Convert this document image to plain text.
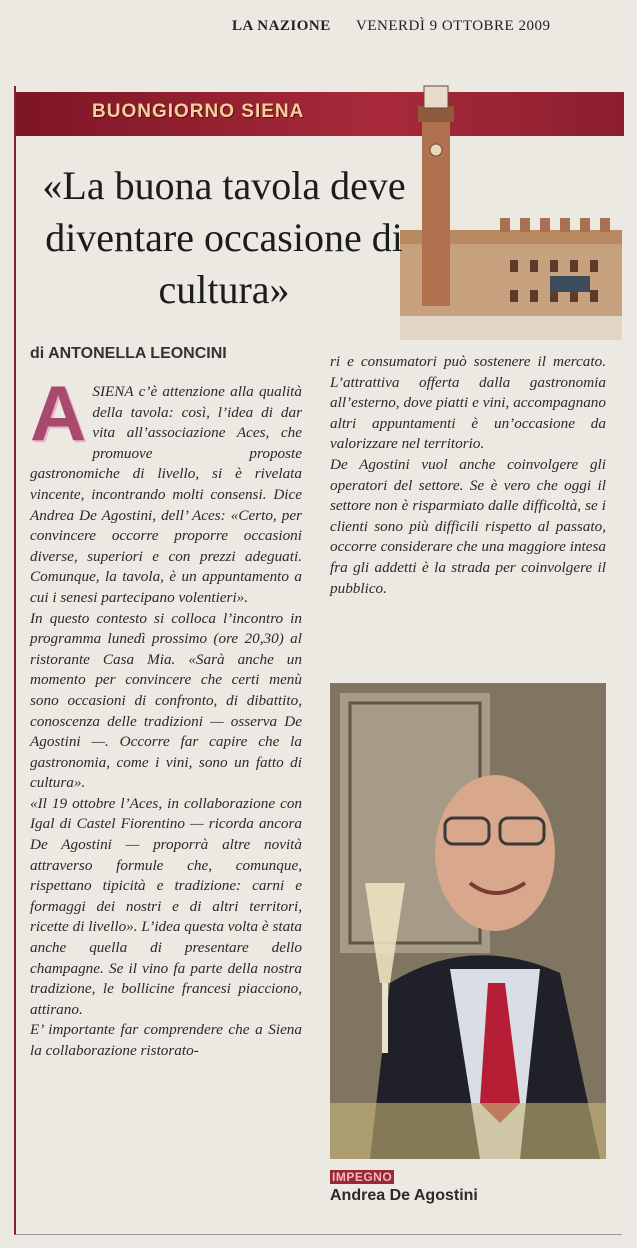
LA NAZIONE VENERDÌ 9 OTTOBRE 2009
BUONGIORNO SIENA
«La buona tavola deve diventare occasione di cultura»
di ANTONELLA LEONCINI
A SIENA c’è attenzione alla qualità della tavola: così, l’idea di dar vita all’associazione Aces, che promuove proposte gastronomiche di livello, si è rivelata vincente, incontrando molti consensi. Dice Andrea De Agostini, dell’ Aces: «Certo, per convincere occorre proporre occasioni diverse, superiori e con prezzi adeguati. Comunque, la tavola, è un appuntamento a cui i senesi partecipano volentieri».

In questo contesto si colloca l’incontro in programma lunedì prossimo (ore 20,30) al ristorante Casa Mia. «Sarà anche un momento per convincere che certi menù sono occasioni di confronto, di dibattito, conoscenza delle tradizioni — osserva De Agostini —. Occorre far capire che la gastronomia, come i vini, sono un fatto di cultura».

«Il 19 ottobre l’Aces, in collaborazione con Igal di Castel Fiorentino — ricorda ancora De Agostini — proporrà altre novità attraverso formule che, comunque, rispettano tipicità e tradizione: carni e formaggi dei nostri e di altri territori, ricette di livello». L’idea questa volta è stata anche quella di presentare dello champagne. Se il vino fa parte della nostra tradizione, le bollicine francesi piacciono, attirano.

E’ importante far comprendere che a Siena la collaborazione ristorato-

ri e consumatori può sostenere il mercato. L’attrattiva offerta dalla gastronomia all’esterno, dove piatti e vini, accompagnano altri appuntamenti è un’occasione da valorizzare nel territorio.

De Agostini vuol anche coinvolgere gli operatori del settore. Se è vero che oggi il settore non è risparmiato dalle difficoltà, se i clienti sono più difficili rispetto al passato, occorre considerare che una maggiore intesa fra gli addetti è la strada per coinvolgere il pubblico.

IMPEGNO
Andrea De Agostini
